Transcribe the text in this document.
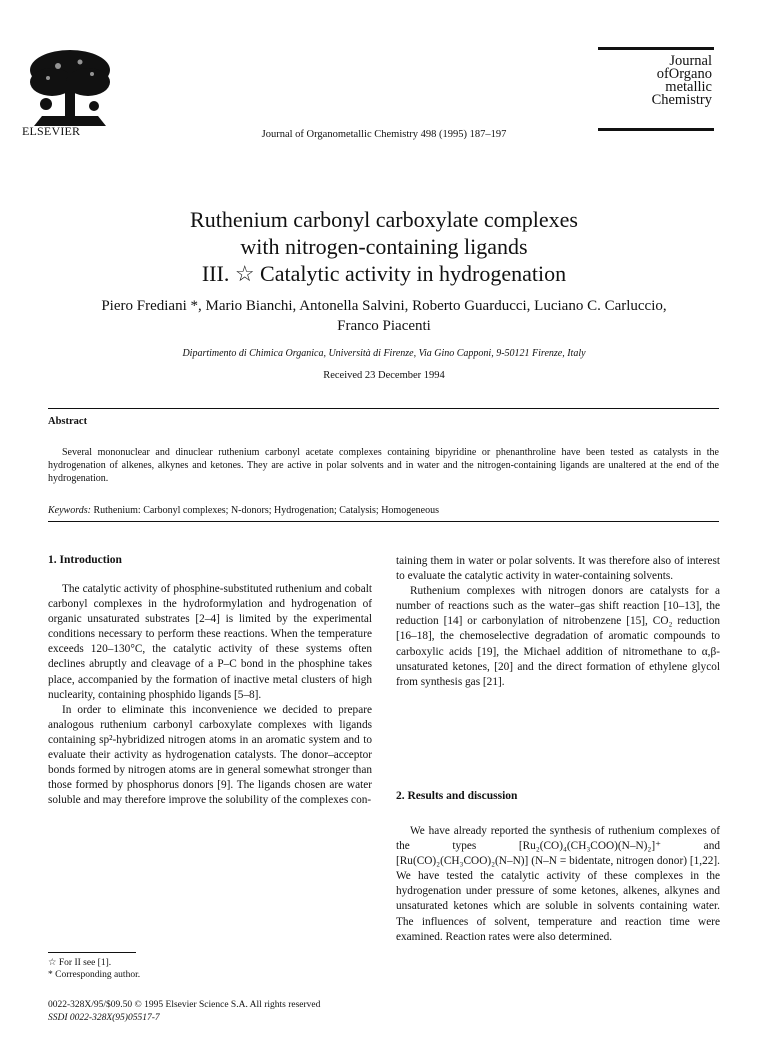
ELSEVIER	Journal of Organometallic Chemistry 498 (1995) 187–197
Journal
ofOrgano
metallic
Chemistry
Ruthenium carbonyl carboxylate complexes
with nitrogen-containing ligands
III. ☆ Catalytic activity in hydrogenation
Piero Frediani *, Mario Bianchi, Antonella Salvini, Roberto Guarducci, Luciano C. Carluccio,
Franco Piacenti
Dipartimento di Chimica Organica, Università di Firenze, Via Gino Capponi, 9-50121 Firenze, Italy
Received 23 December 1994
Abstract
Several mononuclear and dinuclear ruthenium carbonyl acetate complexes containing bipyridine or phenanthroline have been tested as catalysts in the hydrogenation of alkenes, alkynes and ketones. They are active in polar solvents and in water and the nitrogen-containing ligands are unaltered at the end of the hydrogenation.
Keywords: Ruthenium: Carbonyl complexes; N-donors; Hydrogenation; Catalysis; Homogeneous
1. Introduction

The catalytic activity of phosphine-substituted ruthenium and cobalt carbonyl complexes in the hydroformylation and hydrogenation of organic unsaturated substrates [2–4] is limited by the experimental conditions necessary to perform these reactions. When the temperature exceeds 120–130°C, the catalytic activity of these systems often declines abruptly and cleavage of a P–C bond in the phosphine takes place, accompanied by the formation of inactive metal clusters of high nuclearity, containing phosphido ligands [5–8].

In order to eliminate this inconvenience we decided to prepare analogous ruthenium carbonyl carboxylate complexes with ligands containing sp²-hybridized nitrogen atoms in an aromatic system and to evaluate their activity as hydrogenation catalysts. The donor–acceptor bonds formed by nitrogen atoms are in general somewhat stronger than those formed by phosphorus donors [9]. The ligands chosen are water soluble and may therefore improve the solubility of the complexes con-

taining them in water or polar solvents. It was therefore also of interest to evaluate the catalytic activity in water-containing solvents.

Ruthenium complexes with nitrogen donors are catalysts for a number of reactions such as the water–gas shift reaction [10–13], the reduction [14] or carbonylation of nitrobenzene [15], CO₂ reduction [16–18], the chemoselective degradation of aromatic compounds to carboxylic acids [19], the Michael addition of nitromethane to α,β-unsaturated ketones, [20] and the direct formation of ethylene glycol from synthesis gas [21].

2. Results and discussion

We have already reported the synthesis of ruthenium complexes of the types [Ru₂(CO)₄(CH₃COO)(N–N)₂]⁺ and [Ru(CO)₂(CH₃COO)₂(N–N)] (N–N = bidentate, nitrogen donor) [1,22]. We have tested the catalytic activity of these complexes in the hydrogenation under pressure of some ketones, alkenes, alkynes and unsaturated ketones which are soluble in solvents containing water. The influences of solvent, temperature and reaction time were examined. Reaction rates were also determined.

☆ For II see [1].
* Corresponding author.
0022-328X/95/$09.50 © 1995 Elsevier Science S.A. All rights reserved
SSDI 0022-328X(95)05517-7
